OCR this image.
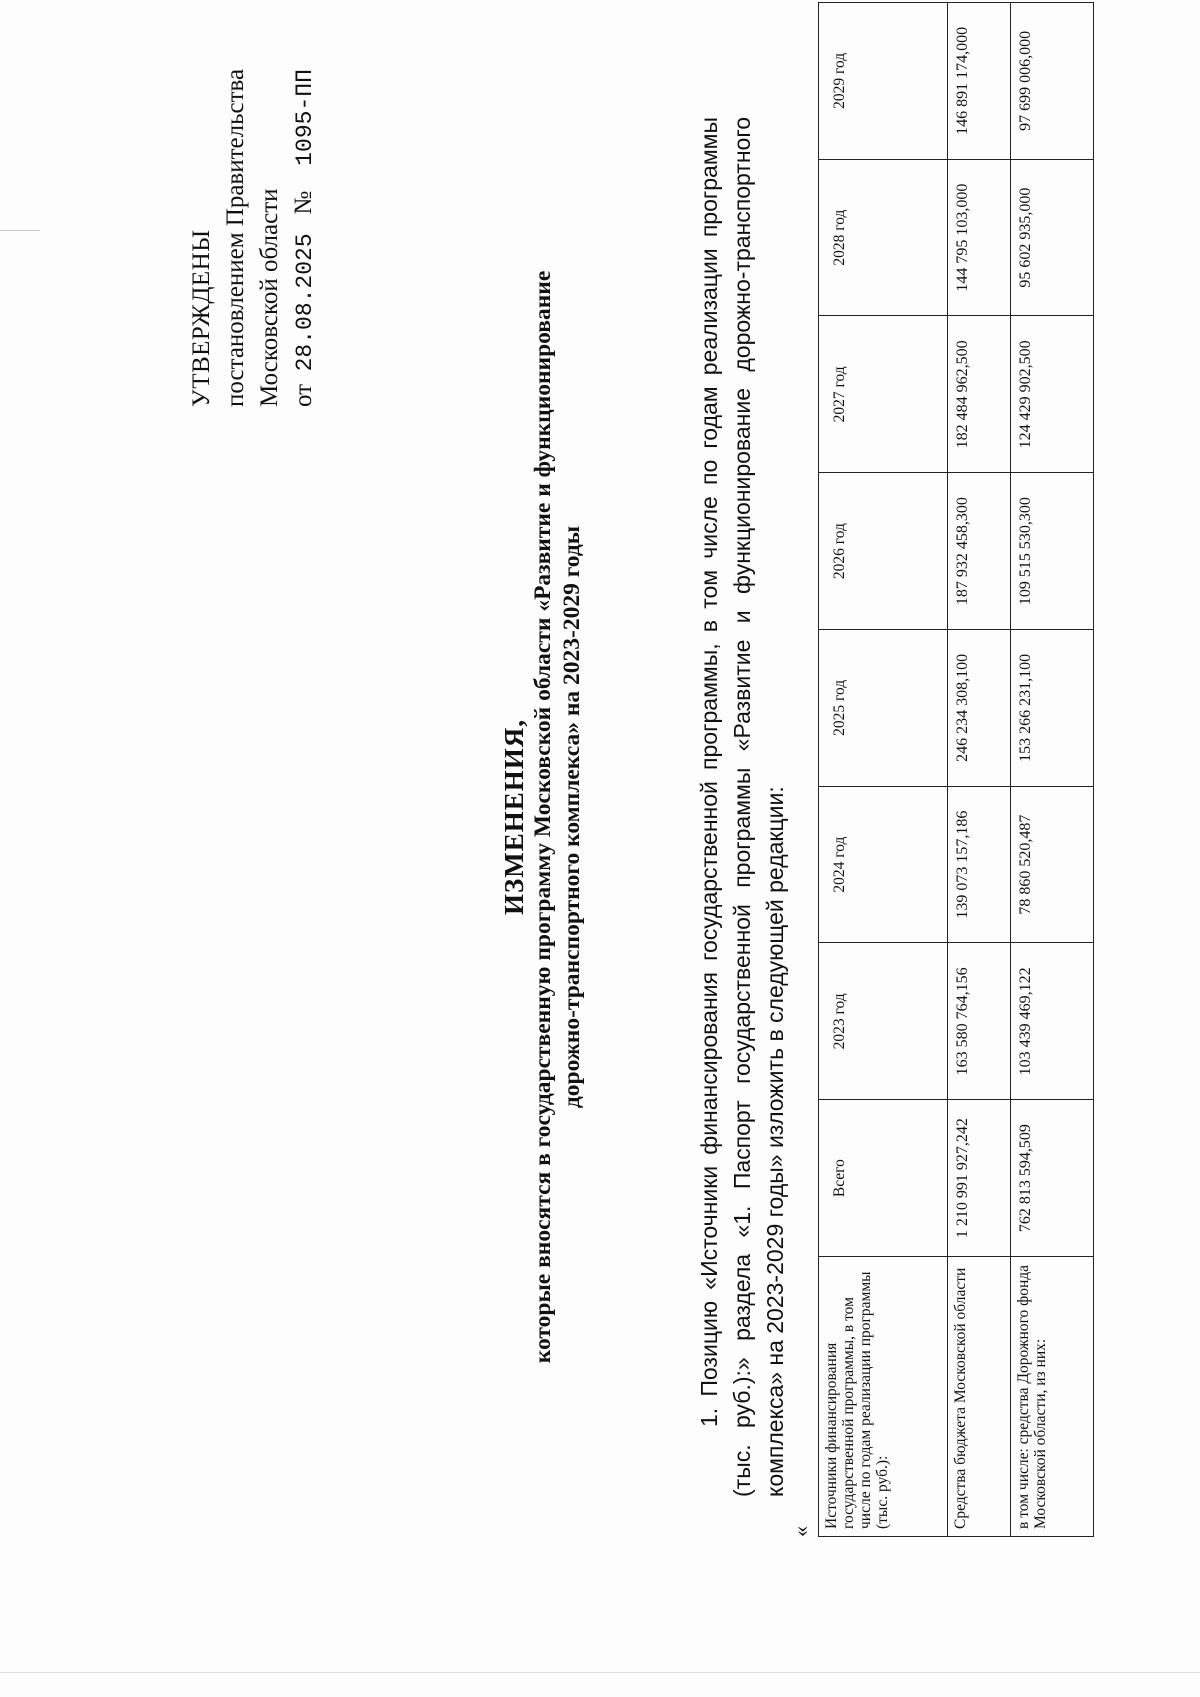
УТВЕРЖДЕНЫ постановлением Правительства Московской области от  28.08.2025   №    1095-ПП
ИЗМЕНЕНИЯ, которые вносятся в государственную программу Московской области «Развитие и функционирование дорожно-транспортного комплекса» на 2023-2029 годы	1. Позицию «Источники финансирования государственной программы, в том числе по годам реализации программы (тыс. руб.):» раздела «1. Паспорт государственной программы «Развитие и функционирование дорожно-транспортного комплекса» на 2023-2029 годы» изложить в следующей редакции:
«
Источники финансирования государственной программы, в том числе по годам реализации программы (тыс. руб.):	Всего	2023 год	2024 год	2025 год	2026 год	2027 год	2028 год	2029 год
Средства бюджета Московской области	1 210 991 927,242	163 580 764,156	139 073 157,186	246 234 308,100	187 932 458,300	182 484 962,500	144 795 103,000	146 891 174,000
в том числе: средства Дорожного фонда Московской области, из них:	762 813 594,509	103 439 469,122	78 860 520,487	153 266 231,100	109 515 530,300	124 429 902,500	95 602 935,000	97 699 006,000
